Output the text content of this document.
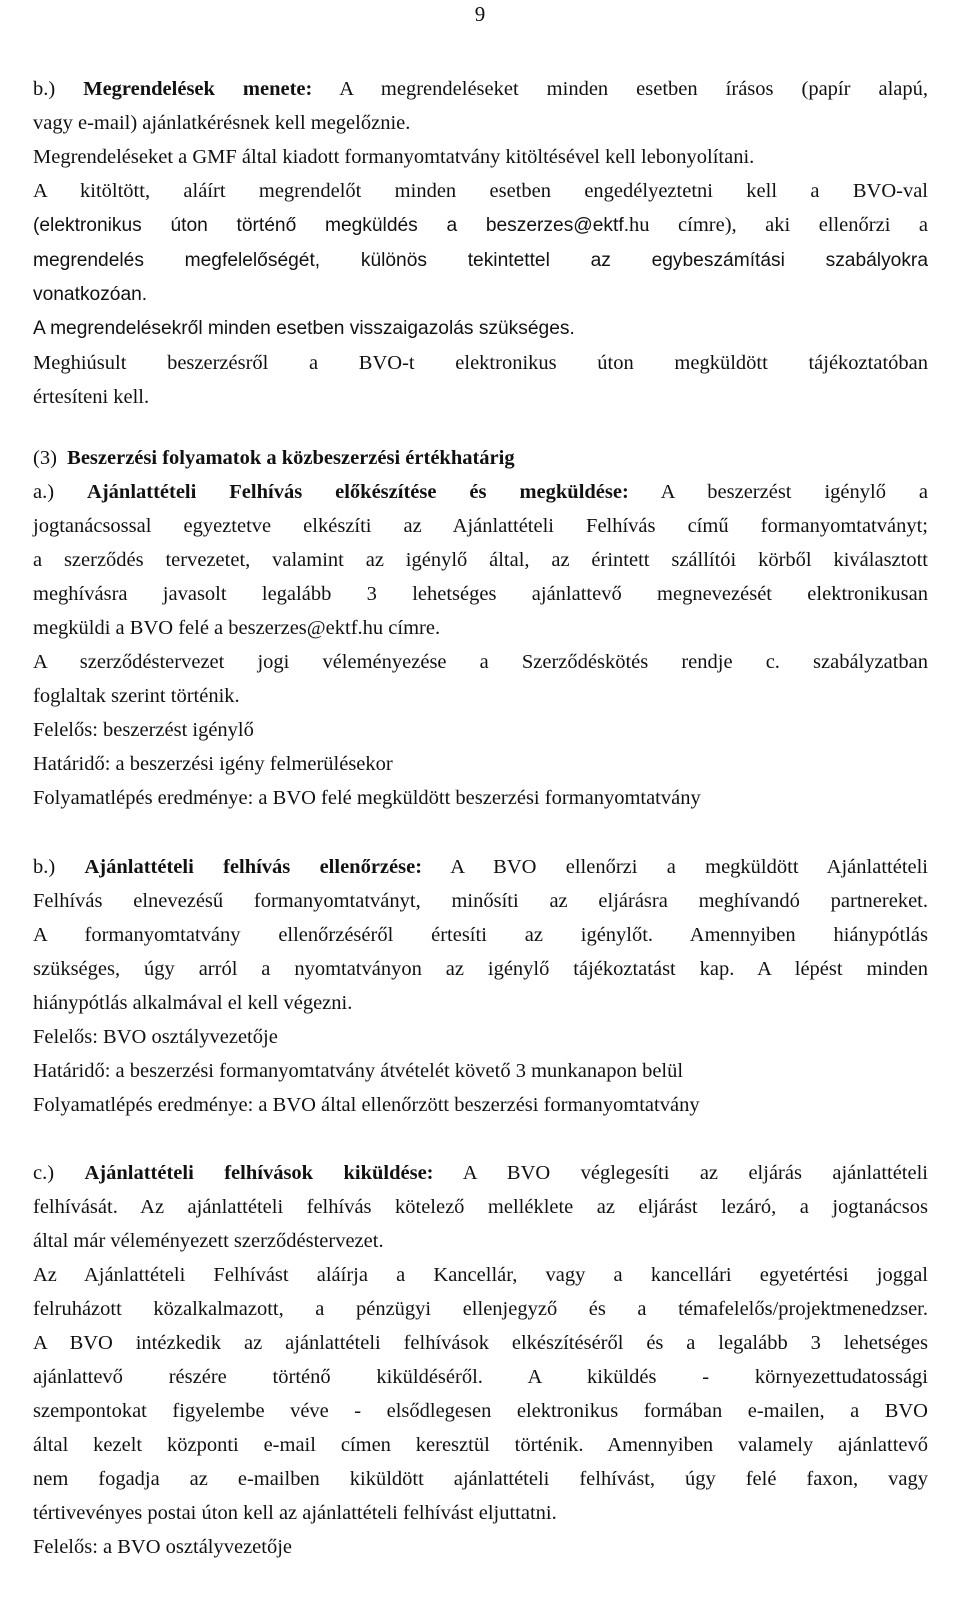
9
b.) Megrendelések menete: A megrendeléseket minden esetben írásos (papír alapú,
vagy e-mail) ajánlatkérésnek kell megelőznie.
Megrendeléseket a GMF által kiadott formanyomtatvány kitöltésével kell lebonyolítani.
A kitöltött, aláírt megrendelőt minden esetben engedélyeztetni kell a BVO-val
(elektronikus úton történő megküldés a beszerzes@ektf.hu címre), aki ellenőrzi a
megrendelés megfelelőségét, különös tekintettel az egybeszámítási szabályokra
vonatkozóan.
A megrendelésekről minden esetben visszaigazolás szükséges.
Meghiúsult beszerzésről a BVO-t elektronikus úton megküldött tájékoztatóban
értesíteni kell.
(3) Beszerzési folyamatok a közbeszerzési értékhatárig
a.) Ajánlattételi Felhívás előkészítése és megküldése: A beszerzést igénylő a
jogtanácsossal egyeztetve elkészíti az Ajánlattételi Felhívás című formanyomtatványt;
a szerződés tervezetet, valamint az igénylő által, az érintett szállítói körből kiválasztott
meghívásra javasolt legalább 3 lehetséges ajánlattevő megnevezését elektronikusan
megküldi a BVO felé a beszerzes@ektf.hu címre.
A szerződéstervezet jogi véleményezése a Szerződéskötés rendje c. szabályzatban
foglaltak szerint történik.
Felelős: beszerzést igénylő
Határidő: a beszerzési igény felmerülésekor
Folyamatlépés eredménye: a BVO felé megküldött beszerzési formanyomtatvány
b.) Ajánlattételi felhívás ellenőrzése: A BVO ellenőrzi a megküldött Ajánlattételi
Felhívás elnevezésű formanyomtatványt, minősíti az eljárásra meghívandó partnereket.
A formanyomtatvány ellenőrzéséről értesíti az igénylőt. Amennyiben hiánypótlás
szükséges, úgy arról a nyomtatványon az igénylő tájékoztatást kap. A lépést minden
hiánypótlás alkalmával el kell végezni.
Felelős: BVO osztályvezetője
Határidő: a beszerzési formanyomtatvány átvételét követő 3 munkanapon belül
Folyamatlépés eredménye: a BVO által ellenőrzött beszerzési formanyomtatvány
c.) Ajánlattételi felhívások kiküldése: A BVO véglegesíti az eljárás ajánlattételi
felhívását. Az ajánlattételi felhívás kötelező melléklete az eljárást lezáró, a jogtanácsos
által már véleményezett szerződéstervezet.
Az Ajánlattételi Felhívást aláírja a Kancellár, vagy a kancellári egyetértési joggal
felruházott közalkalmazott, a pénzügyi ellenjegyző és a témafelelős/projektmenedzser.
A BVO intézkedik az ajánlattételi felhívások elkészítéséről és a legalább 3 lehetséges
ajánlattevő részére történő kiküldéséről. A kiküldés - környezettudatossági
szempontokat figyelembe véve - elsődlegesen elektronikus formában e-mailen, a BVO
által kezelt központi e-mail címen keresztül történik. Amennyiben valamely ajánlattevő
nem fogadja az e-mailben kiküldött ajánlattételi felhívást, úgy felé faxon, vagy
tértivevényes postai úton kell az ajánlattételi felhívást eljuttatni.
Felelős: a BVO osztályvezetője
